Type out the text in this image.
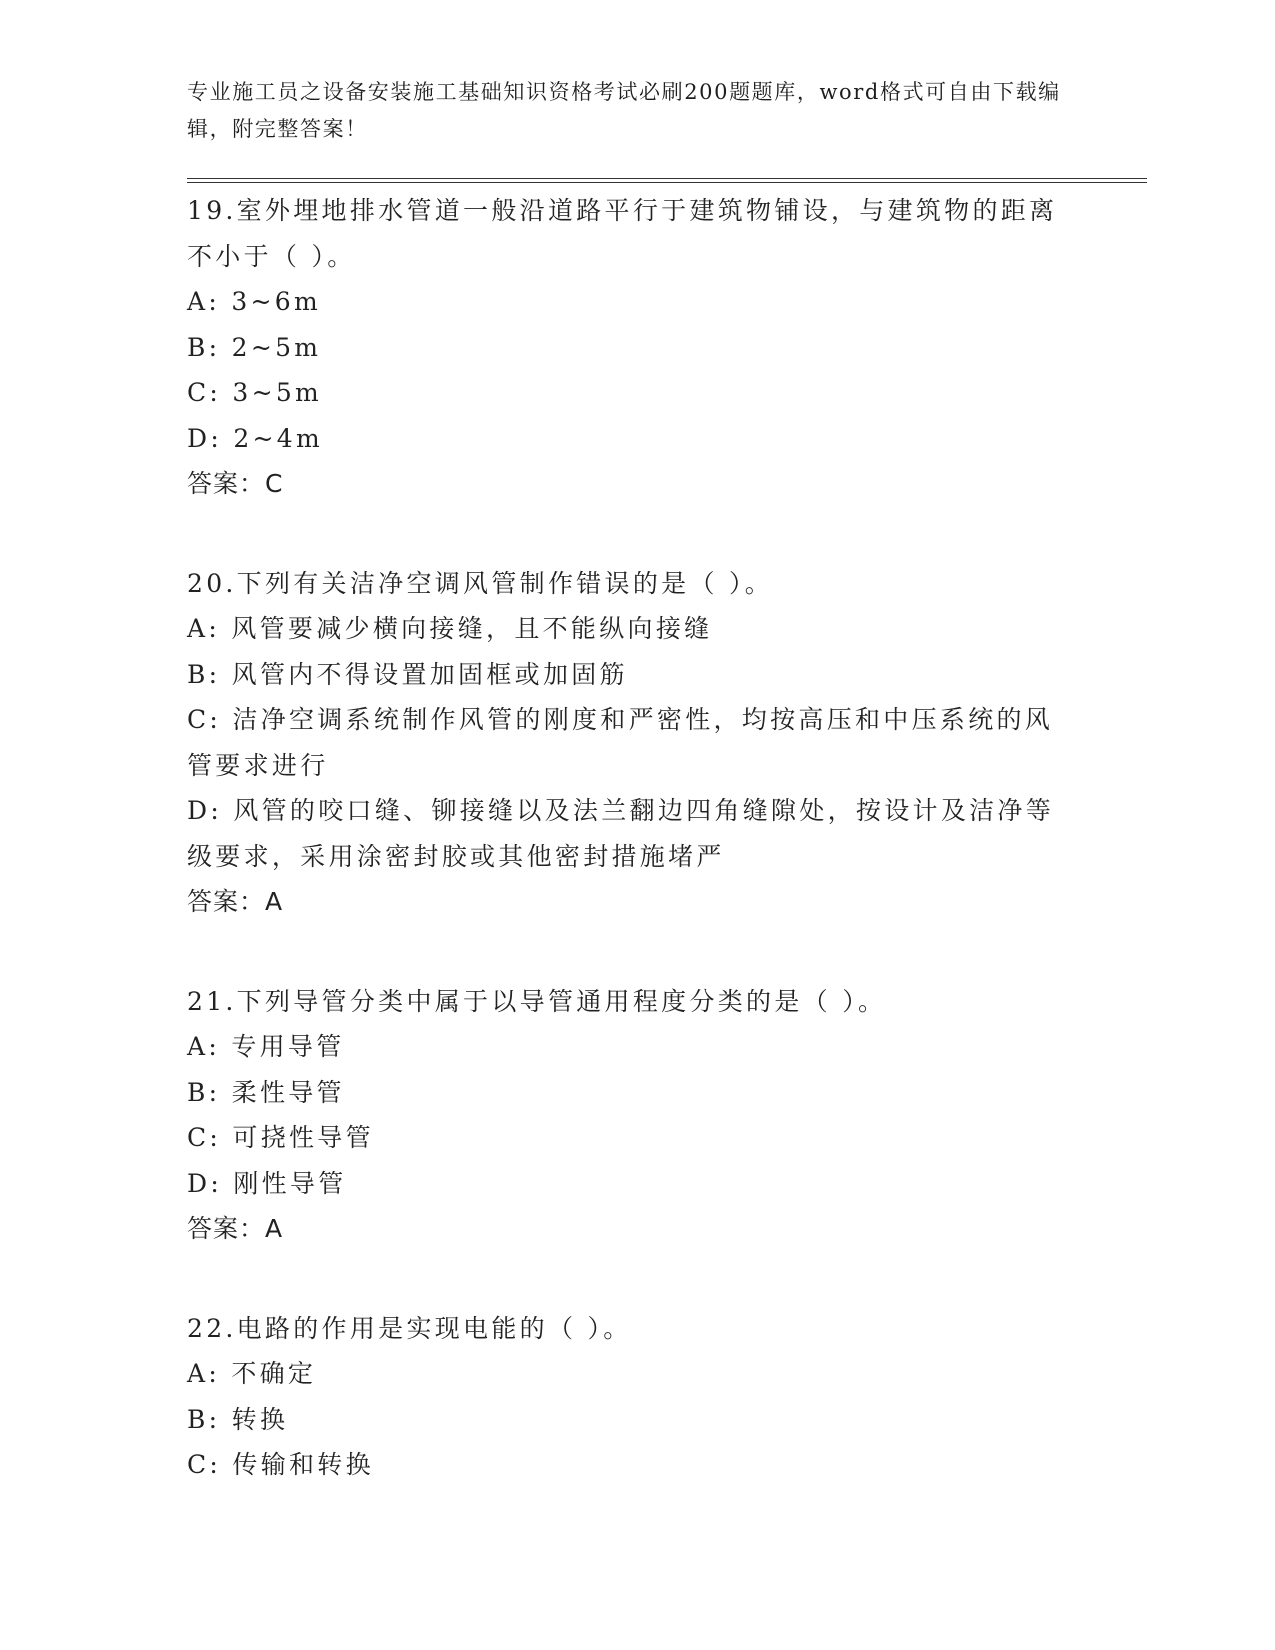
专业施工员之设备安装施工基础知识资格考试必刷200题题库，word格式可自由下载编辑，附完整答案！
19.室外埋地排水管道一般沿道路平行于建筑物铺设，与建筑物的距离不小于（ ）。
A: 3~6m
B: 2~5m
C: 3~5m
D: 2~4m
答案：C
20.下列有关洁净空调风管制作错误的是（ ）。
A: 风管要减少横向接缝，且不能纵向接缝
B: 风管内不得设置加固框或加固筋
C: 洁净空调系统制作风管的刚度和严密性，均按高压和中压系统的风管要求进行
D: 风管的咬口缝、铆接缝以及法兰翻边四角缝隙处，按设计及洁净等级要求，采用涂密封胶或其他密封措施堵严
答案：A
21.下列导管分类中属于以导管通用程度分类的是（ ）。
A: 专用导管
B: 柔性导管
C: 可挠性导管
D: 刚性导管
答案：A
22.电路的作用是实现电能的（ ）。
A: 不确定
B: 转换
C: 传输和转换
